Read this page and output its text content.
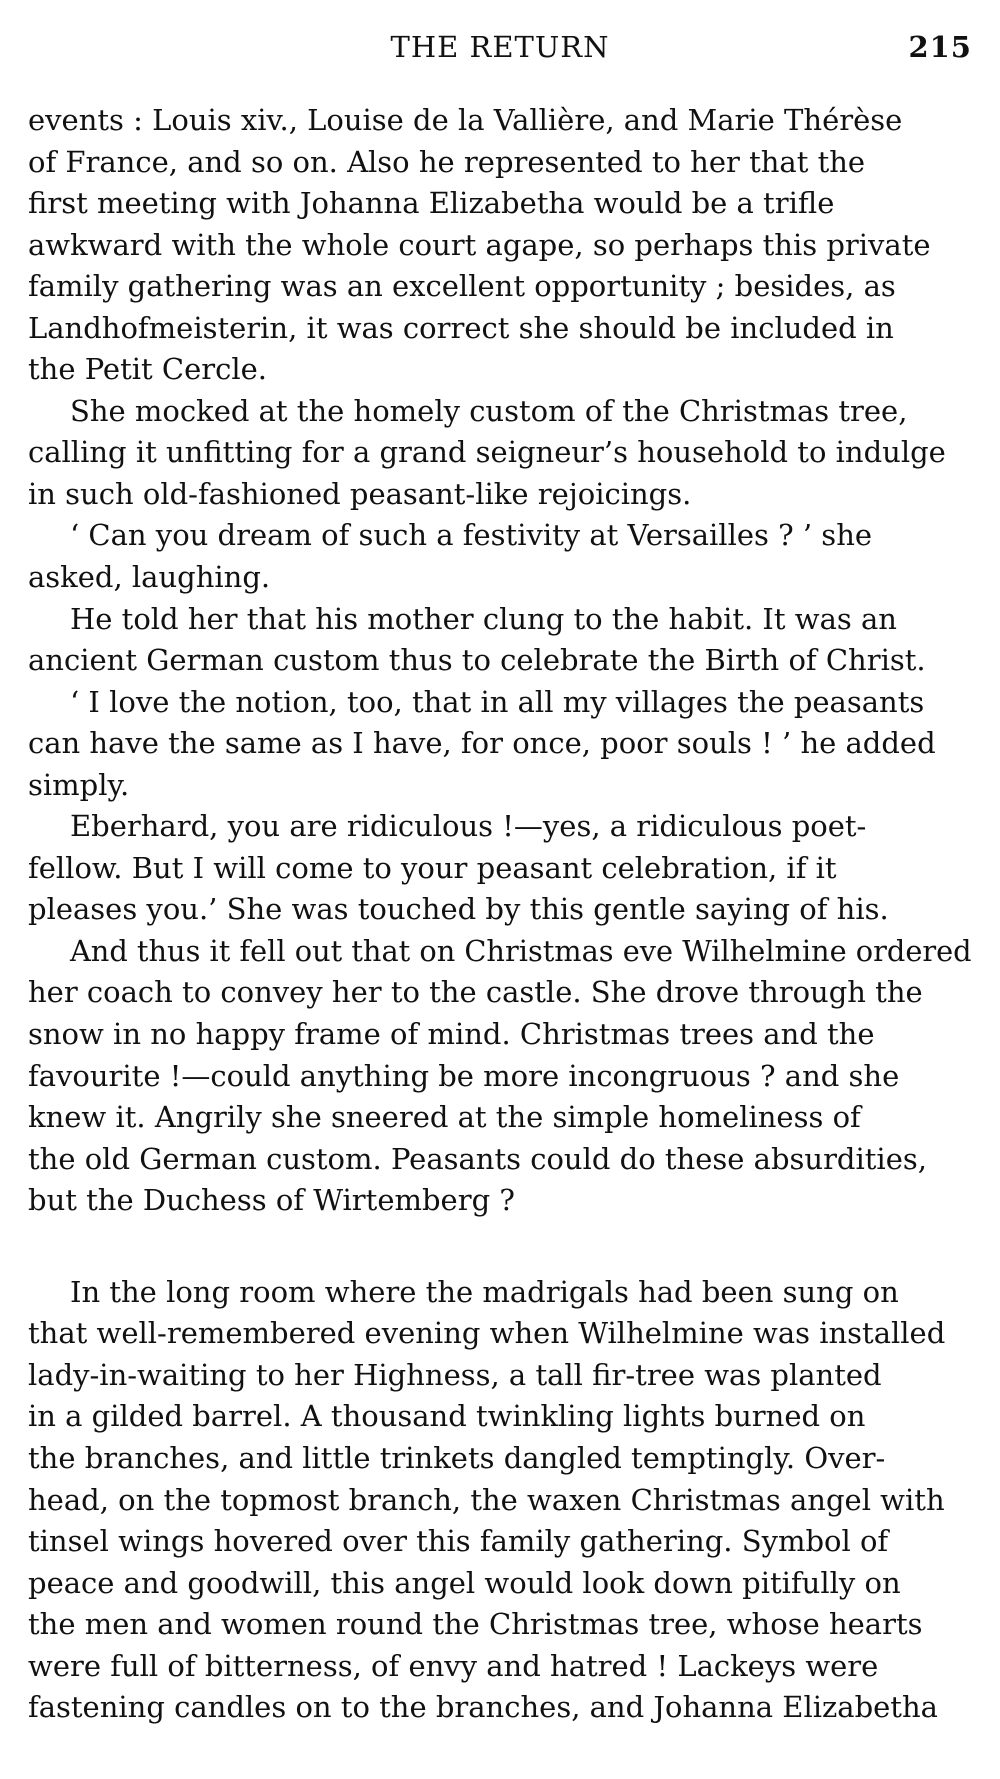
THE RETURN	215
events : Louis xiv., Louise de la Vallière, and Marie Thérèse
of France, and so on. Also he represented to her that the
first meeting with Johanna Elizabetha would be a trifle
awkward with the whole court agape, so perhaps this private
family gathering was an excellent opportunity ; besides, as
Landhofmeisterin, it was correct she should be included in
the Petit Cercle.
She mocked at the homely custom of the Christmas tree,
calling it unfitting for a grand seigneur’s household to indulge
in such old-fashioned peasant-like rejoicings.
‘ Can you dream of such a festivity at Versailles ? ’ she
asked, laughing.
He told her that his mother clung to the habit. It was an
ancient German custom thus to celebrate the Birth of Christ.
‘ I love the notion, too, that in all my villages the peasants
can have the same as I have, for once, poor souls ! ’ he added
simply.
Eberhard, you are ridiculous !—yes, a ridiculous poet-
fellow. But I will come to your peasant celebration, if it
pleases you.’ She was touched by this gentle saying of his.
And thus it fell out that on Christmas eve Wilhelmine ordered
her coach to convey her to the castle. She drove through the
snow in no happy frame of mind. Christmas trees and the
favourite !—could anything be more incongruous ? and she
knew it. Angrily she sneered at the simple homeliness of
the old German custom. Peasants could do these absurdities,
but the Duchess of Wirtemberg ?
In the long room where the madrigals had been sung on
that well-remembered evening when Wilhelmine was installed
lady-in-waiting to her Highness, a tall fir-tree was planted
in a gilded barrel. A thousand twinkling lights burned on
the branches, and little trinkets dangled temptingly. Over-
head, on the topmost branch, the waxen Christmas angel with
tinsel wings hovered over this family gathering. Symbol of
peace and goodwill, this angel would look down pitifully on
the men and women round the Christmas tree, whose hearts
were full of bitterness, of envy and hatred ! Lackeys were
fastening candles on to the branches, and Johanna Elizabetha
